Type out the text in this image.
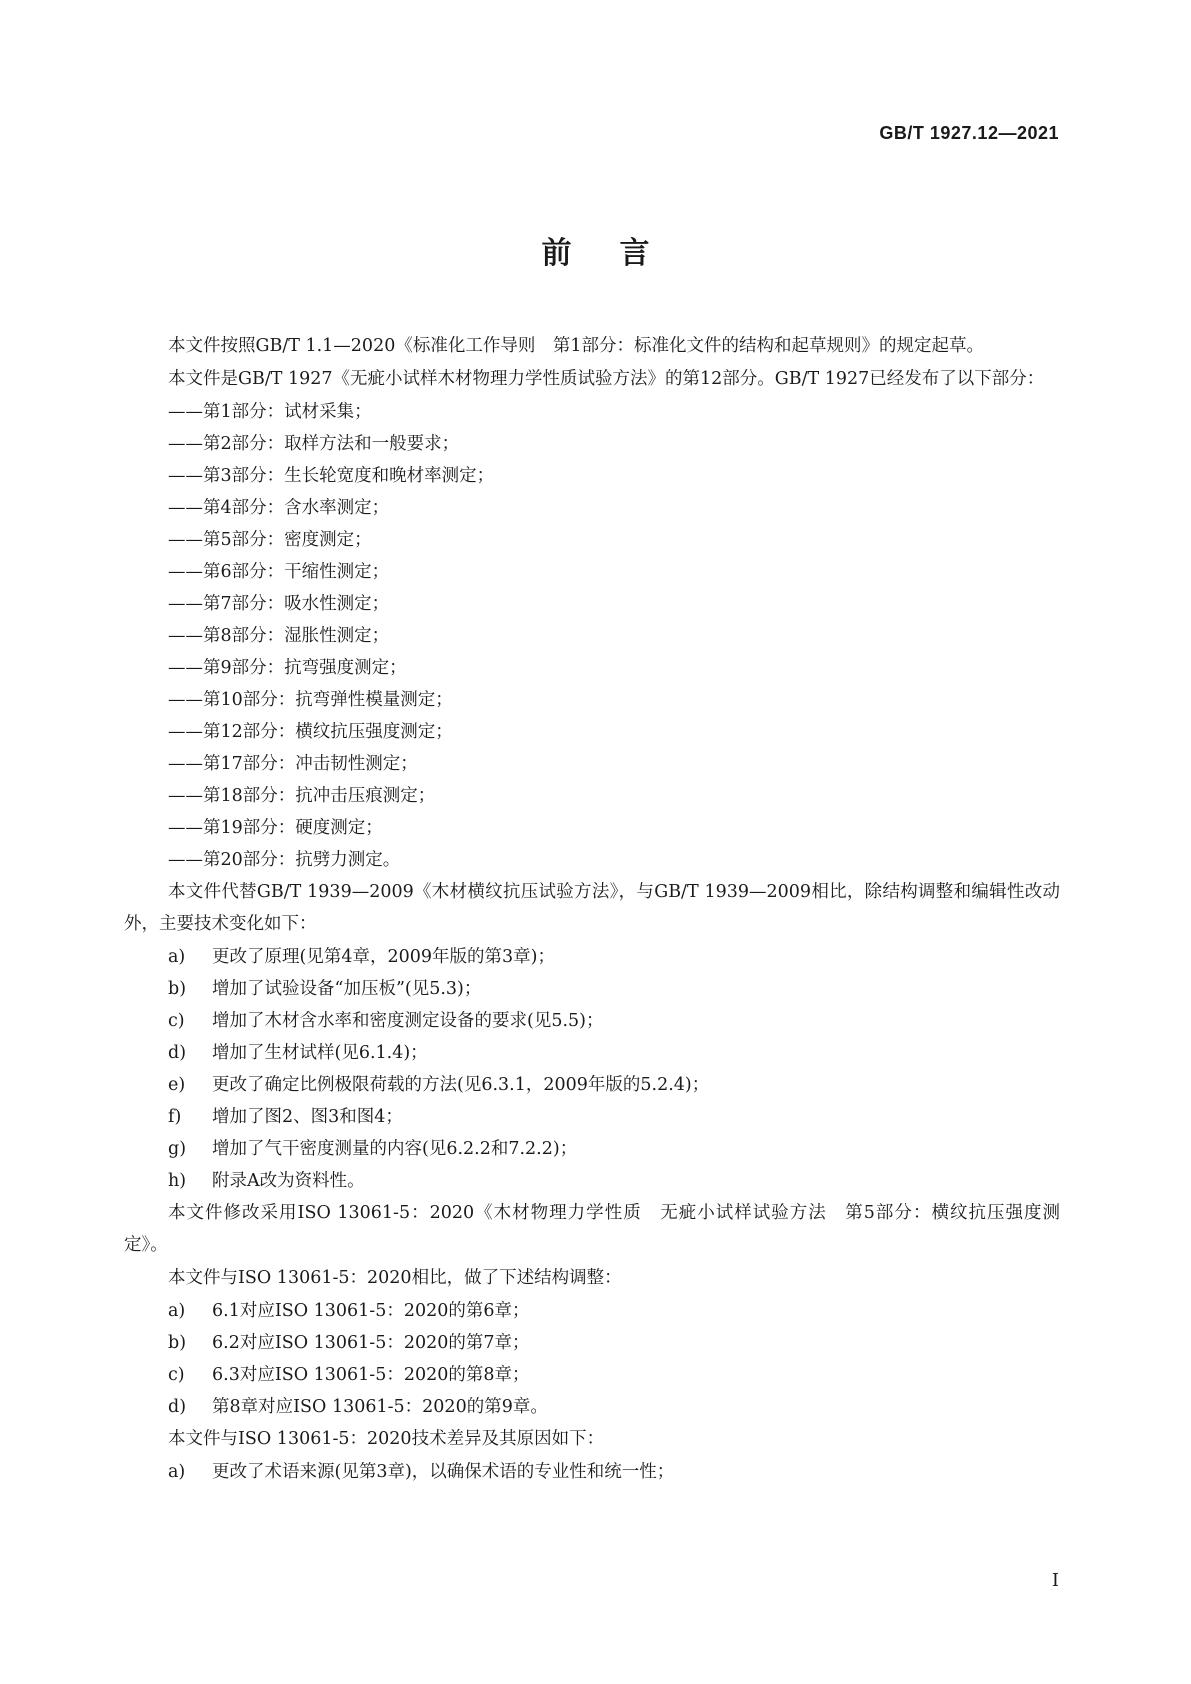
GB/T 1927.12—2021
前言

本文件按照GB/T 1.1—2020《标准化工作导则　第1部分：标准化文件的结构和起草规则》的规定起草。

本文件是GB/T 1927《无疵小试样木材物理力学性质试验方法》的第12部分。GB/T 1927已经发布了以下部分：

——第1部分：试材采集；
——第2部分：取样方法和一般要求；
——第3部分：生长轮宽度和晚材率测定；
——第4部分：含水率测定；
——第5部分：密度测定；
——第6部分：干缩性测定；
——第7部分：吸水性测定；
——第8部分：湿胀性测定；
——第9部分：抗弯强度测定；
——第10部分：抗弯弹性模量测定；
——第12部分：横纹抗压强度测定；
——第17部分：冲击韧性测定；
——第18部分：抗冲击压痕测定；
——第19部分：硬度测定；
——第20部分：抗劈力测定。

本文件代替GB/T 1939—2009《木材横纹抗压试验方法》，与GB/T 1939—2009相比，除结构调整和编辑性改动外，主要技术变化如下：

a) 更改了原理(见第4章，2009年版的第3章)；
b) 增加了试验设备“加压板”(见5.3)；
c) 增加了木材含水率和密度测定设备的要求(见5.5)；
d) 增加了生材试样(见6.1.4)；
e) 更改了确定比例极限荷载的方法(见6.3.1，2009年版的5.2.4)；
f) 增加了图2、图3和图4；
g) 增加了气干密度测量的内容(见6.2.2和7.2.2)；
h) 附录A改为资料性。

本文件修改采用ISO 13061-5：2020《木材物理力学性质　无疵小试样试验方法　第5部分：横纹抗压强度测定》。

本文件与ISO 13061-5：2020相比，做了下述结构调整：

a) 6.1对应ISO 13061-5：2020的第6章；
b) 6.2对应ISO 13061-5：2020的第7章；
c) 6.3对应ISO 13061-5：2020的第8章；
d) 第8章对应ISO 13061-5：2020的第9章。

本文件与ISO 13061-5：2020技术差异及其原因如下：

a) 更改了术语来源(见第3章)，以确保术语的专业性和统一性；
I
